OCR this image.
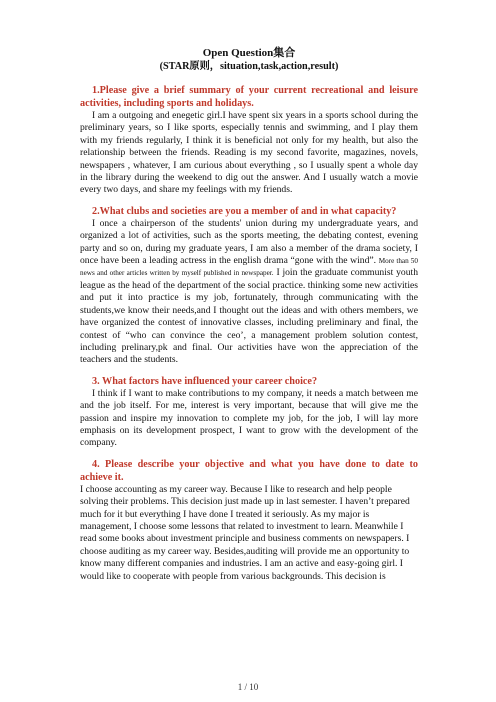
Open Question集合

(STAR原则，situation,task,action,result)

1.Please give a brief summary of your current recreational and leisure activities, including sports and holidays.

I am a outgoing and enegetic girl.I have spent six years in a sports school during the preliminary years, so I like sports, especially tennis and swimming, and I play them with my friends regularly, I think it is beneficial not only for my health, but also the relationship between the friends. Reading is my second favorite, magazines, novels, newspapers , whatever, I am curious about everything , so I usually spent a whole day in the library during the weekend to dig out the answer. And I usually watch a movie every two days, and share my feelings with my friends.

2.What clubs and societies are you a member of and in what capacity?

I once a chairperson of the students' union during my undergraduate years, and organized a lot of activities, such as the sports meeting, the debating contest, evening party and so on, during my graduate years, I am also a member of the drama society, I once have been a leading actress in the english drama “gone with the wind”. More than 50 news and other articles written by myself published in newspaper. I join the graduate communist youth league as the head of the department of the social practice. thinking some new activities and put it into practice is my job, fortunately, through communicating with the students,we know their needs,and I thought out the ideas and with others members, we have organized the contest of innovative classes, including preliminary and final, the contest of “who can convince the ceo’, a management problem solution contest, including prelinary,pk and final. Our activities have won the appreciation of the teachers and the students.

3. What factors have influenced your career choice?

I think if I want to make contributions to my company, it needs a match between me and the job itself. For me, interest is very important, because that will give me the passion and inspire my innovation to complete my job, for the job, I will lay more emphasis on its development prospect, I want to grow with the development of the company.

4. Please describe your objective and what you have done to date to achieve it.

I choose accounting as my career way. Because I like to research and help people solving their problems. This decision just made up in last semester. I haven’t prepared much for it but everything I have done I treated it seriously. As my major is management, I choose some lessons that related to investment to learn. Meanwhile I read some books about investment principle and business comments on newspapers. I choose auditing as my career way. Besides,auditing will provide me an opportunity to know many different companies and industries. I am an active and easy-going girl. I would like to cooperate with people from various backgrounds. This decision is

1 / 10
